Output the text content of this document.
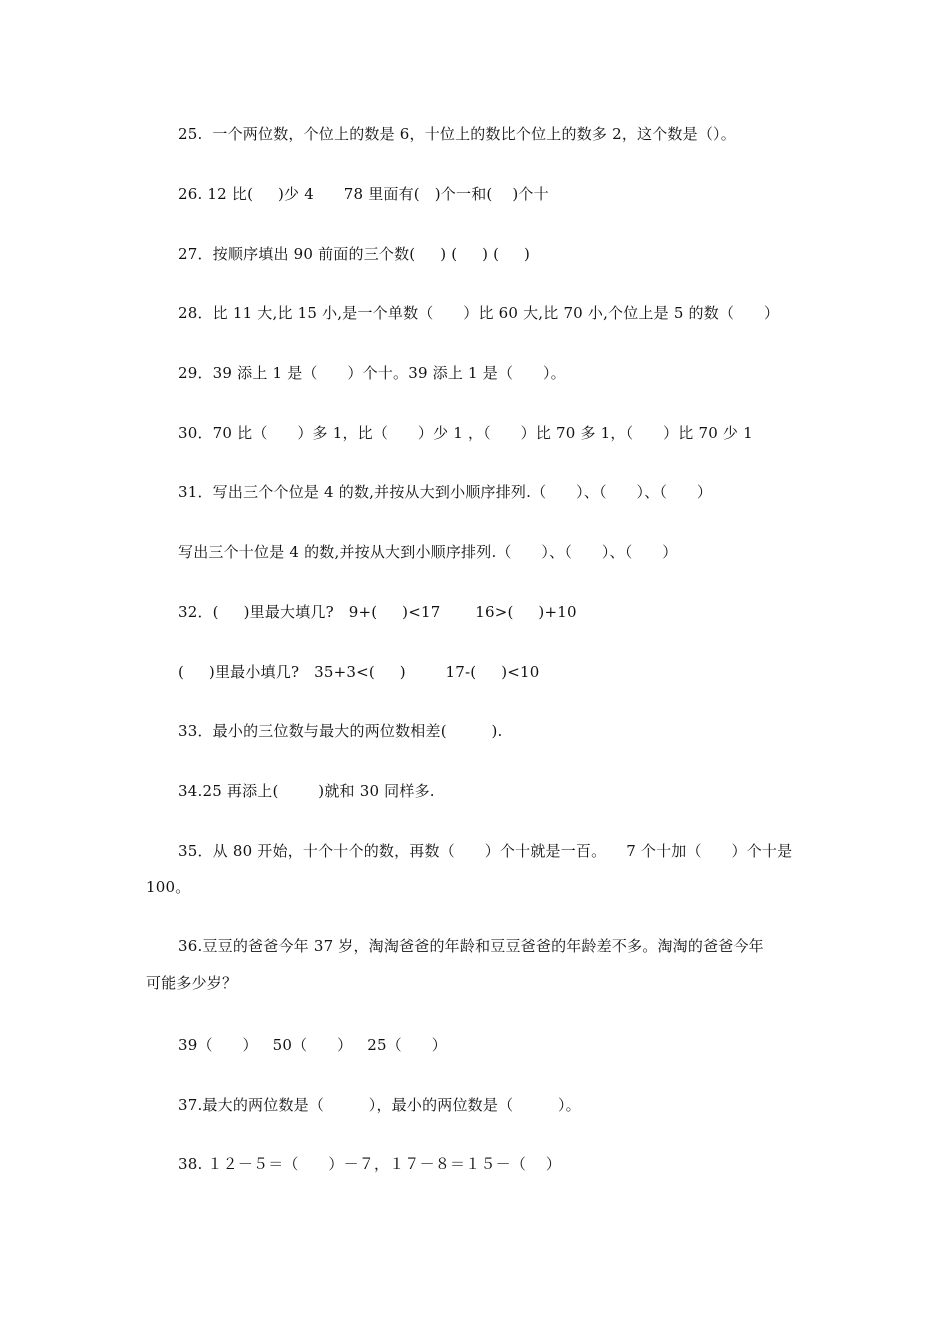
25.  一个两位数，个位上的数是 6，十位上的数比个位上的数多 2，这个数是（）。
26. 12 比(     )少 4      78 里面有(   )个一和(    )个十
27．按顺序填出 90 前面的三个数(     ) (     ) (     )
28．比 11 大,比 15 小,是一个单数（      ）比 60 大,比 70 小,个位上是 5 的数（      ）
29．39 添上 1 是（      ）个十。39 添上 1 是（      ）。
30．70 比（      ）多 1，比（      ）少 1 ，（      ）比 70 多 1，（      ）比 70 少 1
31．写出三个个位是 4 的数,并按从大到小顺序排列.（      ）、（      ）、（      ）
写出三个十位是 4 的数,并按从大到小顺序排列.（      ）、（      ）、（      ）
32．(     )里最大填几?   9+(     )<17       16>(     )+10
(     )里最小填几?   35+3<(     )        17-(     )<10
33．最小的三位数与最大的两位数相差(         ).
34.25 再添上(        )就和 30 同样多.
35．从 80 开始，十个十个的数，再数（      ）个十就是一百。    7 个十加（      ）个十是
100。
36.豆豆的爸爸今年 37 岁，淘淘爸爸的年龄和豆豆爸爸的年龄差不多。淘淘的爸爸今年
可能多少岁？
39（      ）   50（      ）   25（      ）
37.最大的两位数是（         ），最小的两位数是（         ）。
38. １２－５＝（      ）－７，１７－８＝１５－（    ）
